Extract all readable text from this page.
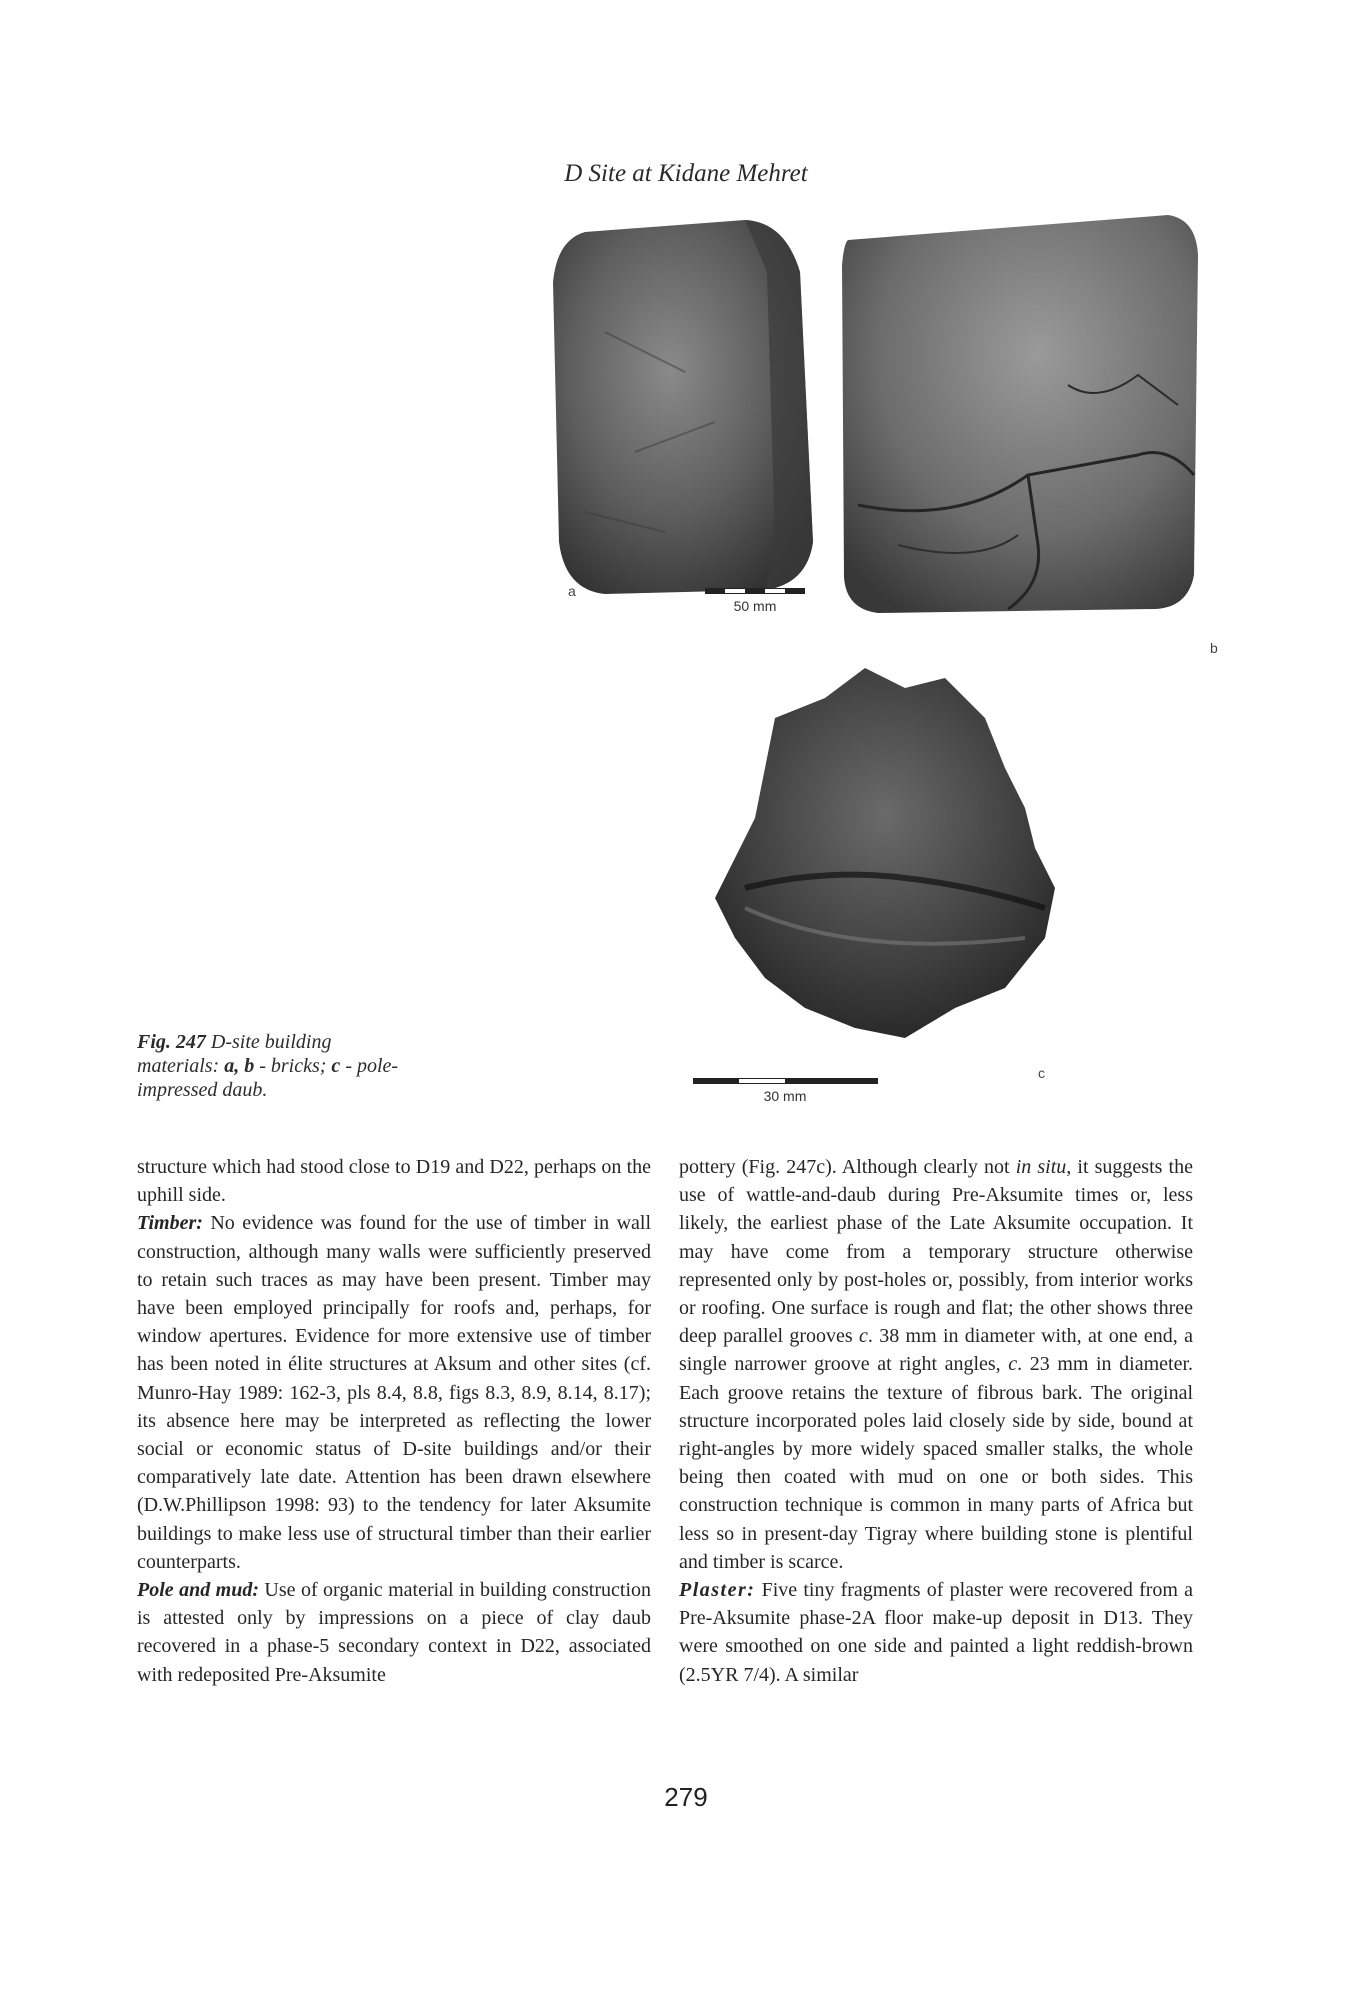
D Site at Kidane Mehret
a
b
50 mm
c
30 mm
Fig. 247 D-site building materials: a, b - bricks; c - pole-impressed daub.

structure which had stood close to D19 and D22, perhaps on the uphill side.

Timber: No evidence was found for the use of timber in wall construction, although many walls were sufficiently preserved to retain such traces as may have been present. Timber may have been employed principally for roofs and, perhaps, for window apertures. Evidence for more extensive use of timber has been noted in élite structures at Aksum and other sites (cf. Munro-Hay 1989: 162-3, pls 8.4, 8.8, figs 8.3, 8.9, 8.14, 8.17); its absence here may be interpreted as reflecting the lower social or economic status of D-site buildings and/or their comparatively late date. Attention has been drawn elsewhere (D.W.Phillipson 1998: 93) to the tendency for later Aksumite buildings to make less use of structural timber than their earlier counterparts.

Pole and mud: Use of organic material in building construction is attested only by impressions on a piece of clay daub recovered in a phase-5 secondary context in D22, associated with redeposited Pre-Aksumite

pottery (Fig. 247c). Although clearly not in situ, it suggests the use of wattle-and-daub during Pre-Aksumite times or, less likely, the earliest phase of the Late Aksumite occupation. It may have come from a temporary structure otherwise represented only by post-holes or, possibly, from interior works or roofing. One surface is rough and flat; the other shows three deep parallel grooves c. 38 mm in diameter with, at one end, a single narrower groove at right angles, c. 23 mm in diameter. Each groove retains the texture of fibrous bark. The original structure incorporated poles laid closely side by side, bound at right-angles by more widely spaced smaller stalks, the whole being then coated with mud on one or both sides. This construction technique is common in many parts of Africa but less so in present-day Tigray where building stone is plentiful and timber is scarce.

Plaster: Five tiny fragments of plaster were recovered from a Pre-Aksumite phase-2A floor make-up deposit in D13. They were smoothed on one side and painted a light reddish-brown (2.5YR 7/4). A similar

279
